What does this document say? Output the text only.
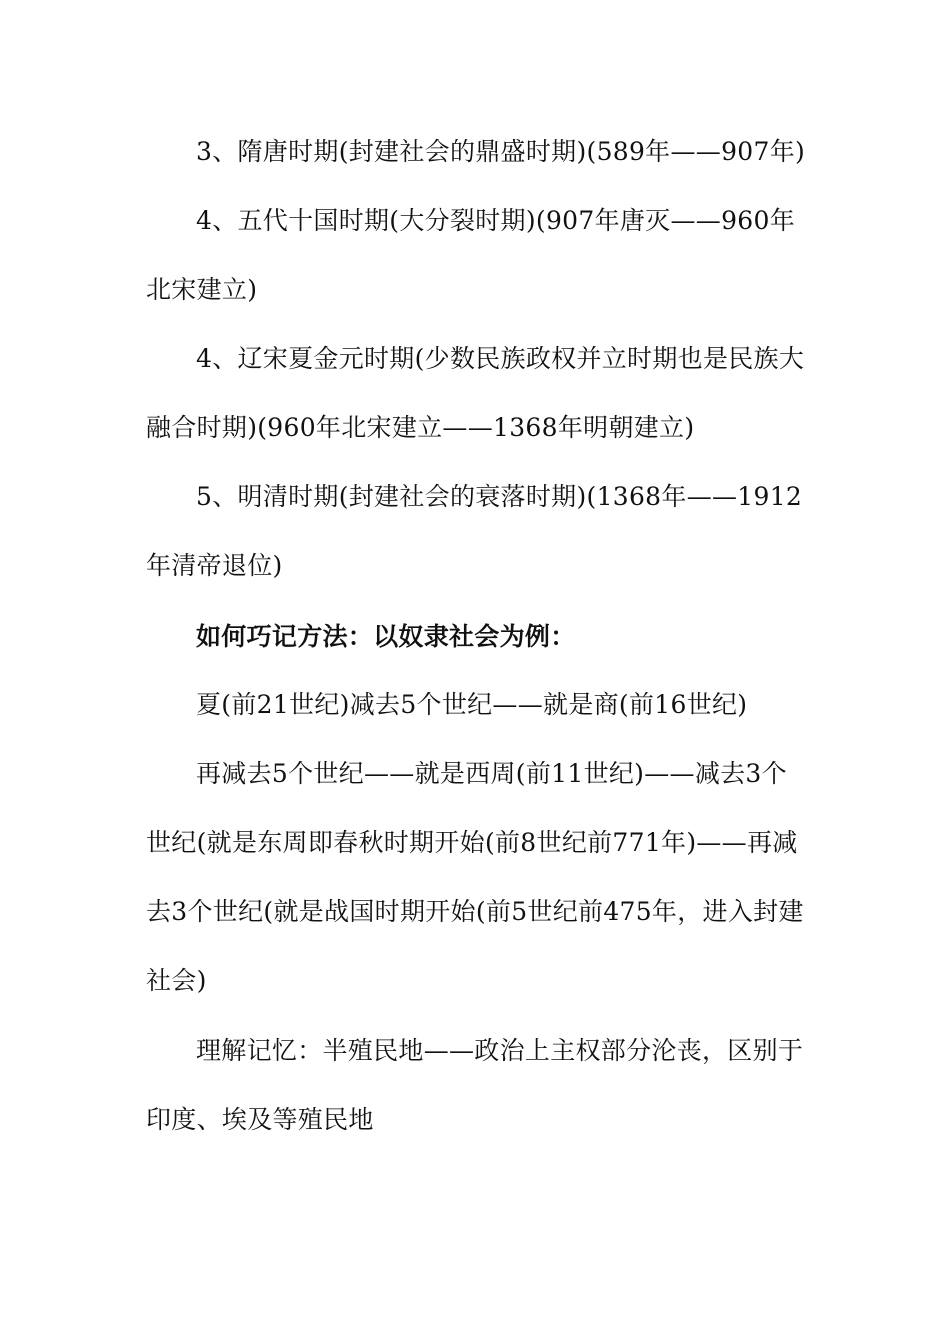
3、隋唐时期(封建社会的鼎盛时期)(589年——907年)

4、五代十国时期(大分裂时期)(907年唐灭——960年北宋建立)

4、辽宋夏金元时期(少数民族政权并立时期也是民族大融合时期)(960年北宋建立——1368年明朝建立)

5、明清时期(封建社会的衰落时期)(1368年——1912年清帝退位)

如何巧记方法：以奴隶社会为例：

夏(前21世纪)减去5个世纪——就是商(前16世纪)

再减去5个世纪——就是西周(前11世纪)——减去3个世纪(就是东周即春秋时期开始(前8世纪前771年)——再减去3个世纪(就是战国时期开始(前5世纪前475年，进入封建社会)

理解记忆：半殖民地——政治上主权部分沦丧，区别于印度、埃及等殖民地
